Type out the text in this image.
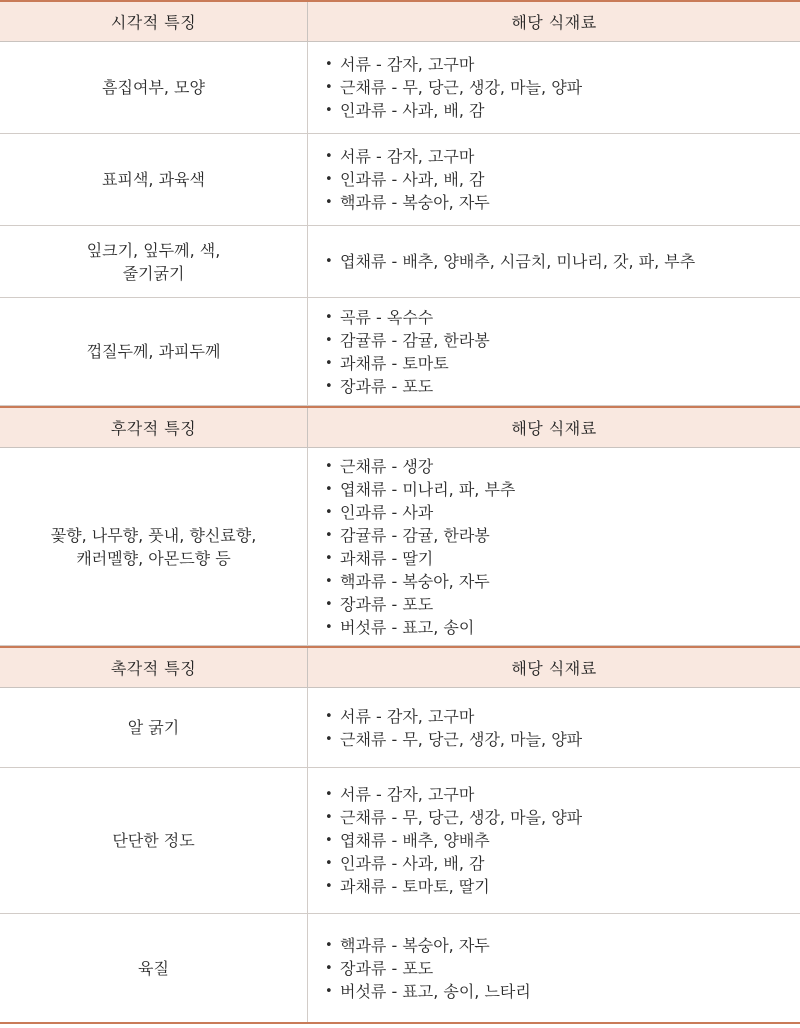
시각적 특징	해당 식재료
흠집여부, 모양
• 서류 - 감자, 고구마
• 근채류 - 무, 당근, 생강, 마늘, 양파
• 인과류 - 사과, 배, 감
표피색, 과육색
• 서류 - 감자, 고구마
• 인과류 - 사과, 배, 감
• 핵과류 - 복숭아, 자두
잎크기, 잎두께, 색,
줄기굵기
• 엽채류 - 배추, 양배추, 시금치, 미나리, 갓, 파, 부추
껍질두께, 과피두께
• 곡류 - 옥수수
• 감귤류 - 감귤, 한라봉
• 과채류 - 토마토
• 장과류 - 포도
후각적 특징	해당 식재료
꽃향, 나무향, 풋내, 향신료향,
캐러멜향, 아몬드향 등
• 근채류 - 생강
• 엽채류 - 미나리, 파, 부추
• 인과류 - 사과
• 감귤류 - 감귤, 한라봉
• 과채류 - 딸기
• 핵과류 - 복숭아, 자두
• 장과류 - 포도
• 버섯류 - 표고, 송이
촉각적 특징	해당 식재료
알 굵기
• 서류 - 감자, 고구마
• 근채류 - 무, 당근, 생강, 마늘, 양파
단단한 정도
• 서류 - 감자, 고구마
• 근채류 - 무, 당근, 생강, 마을, 양파
• 엽채류 - 배추, 양배추
• 인과류 - 사과, 배, 감
• 과채류 - 토마토, 딸기
육질
• 핵과류 - 복숭아, 자두
• 장과류 - 포도
• 버섯류 - 표고, 송이, 느타리
